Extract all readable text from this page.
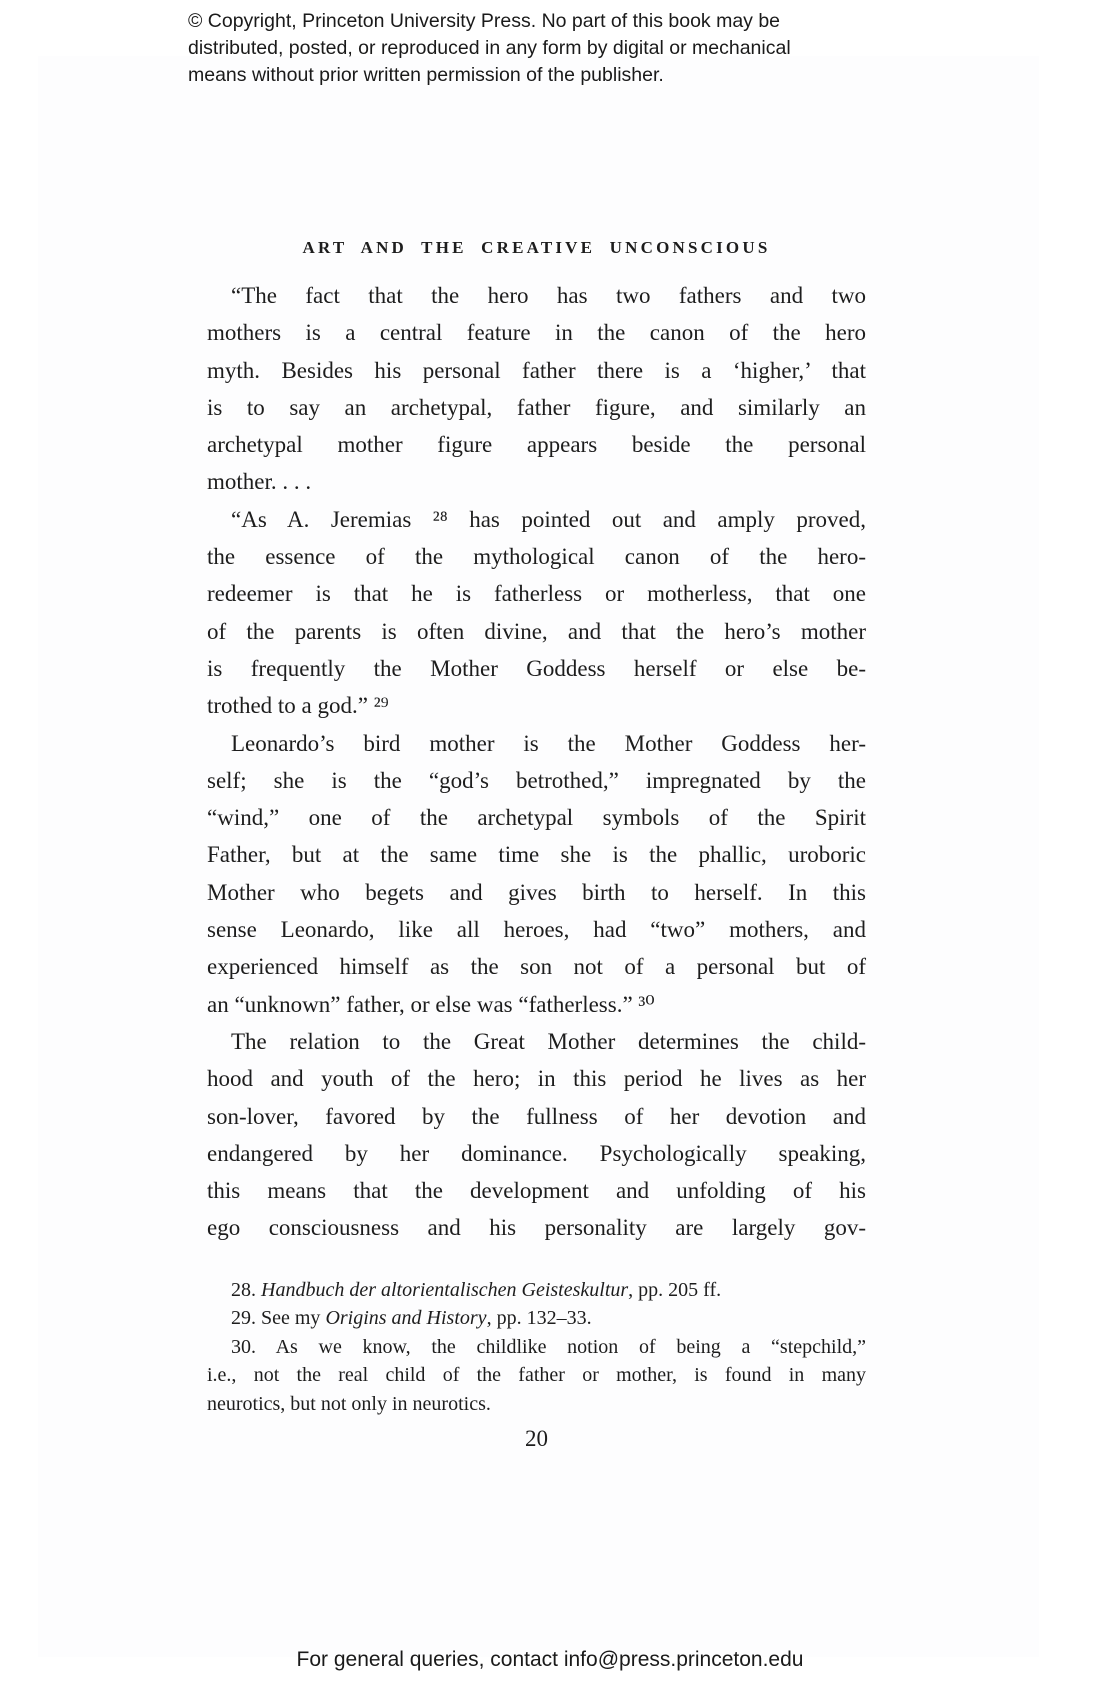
© Copyright, Princeton University Press. No part of this book may be
distributed, posted, or reproduced in any form by digital or mechanical
means without prior written permission of the publisher.
ART AND THE CREATIVE UNCONSCIOUS
“The fact that the hero has two fathers and two
mothers is a central feature in the canon of the hero
myth. Besides his personal father there is a ‘higher,’ that
is to say an archetypal, father figure, and similarly an
archetypal mother figure appears beside the personal
mother. . . .
“As A. Jeremias ²⁸ has pointed out and amply proved,
the essence of the mythological canon of the hero-
redeemer is that he is fatherless or motherless, that one
of the parents is often divine, and that the hero’s mother
is frequently the Mother Goddess herself or else be-
trothed to a god.” ²⁹
Leonardo’s bird mother is the Mother Goddess her-
self; she is the “god’s betrothed,” impregnated by the
“wind,” one of the archetypal symbols of the Spirit
Father, but at the same time she is the phallic, uroboric
Mother who begets and gives birth to herself. In this
sense Leonardo, like all heroes, had “two” mothers, and
experienced himself as the son not of a personal but of
an “unknown” father, or else was “fatherless.” ³⁰
The relation to the Great Mother determines the child-
hood and youth of the hero; in this period he lives as her
son-lover, favored by the fullness of her devotion and
endangered by her dominance. Psychologically speaking,
this means that the development and unfolding of his
ego consciousness and his personality are largely gov-
28. Handbuch der altorientalischen Geisteskultur, pp. 205 ff.
29. See my Origins and History, pp. 132–33.
30. As we know, the childlike notion of being a “stepchild,”
i.e., not the real child of the father or mother, is found in many
neurotics, but not only in neurotics.
20
For general queries, contact info@press.princeton.edu
